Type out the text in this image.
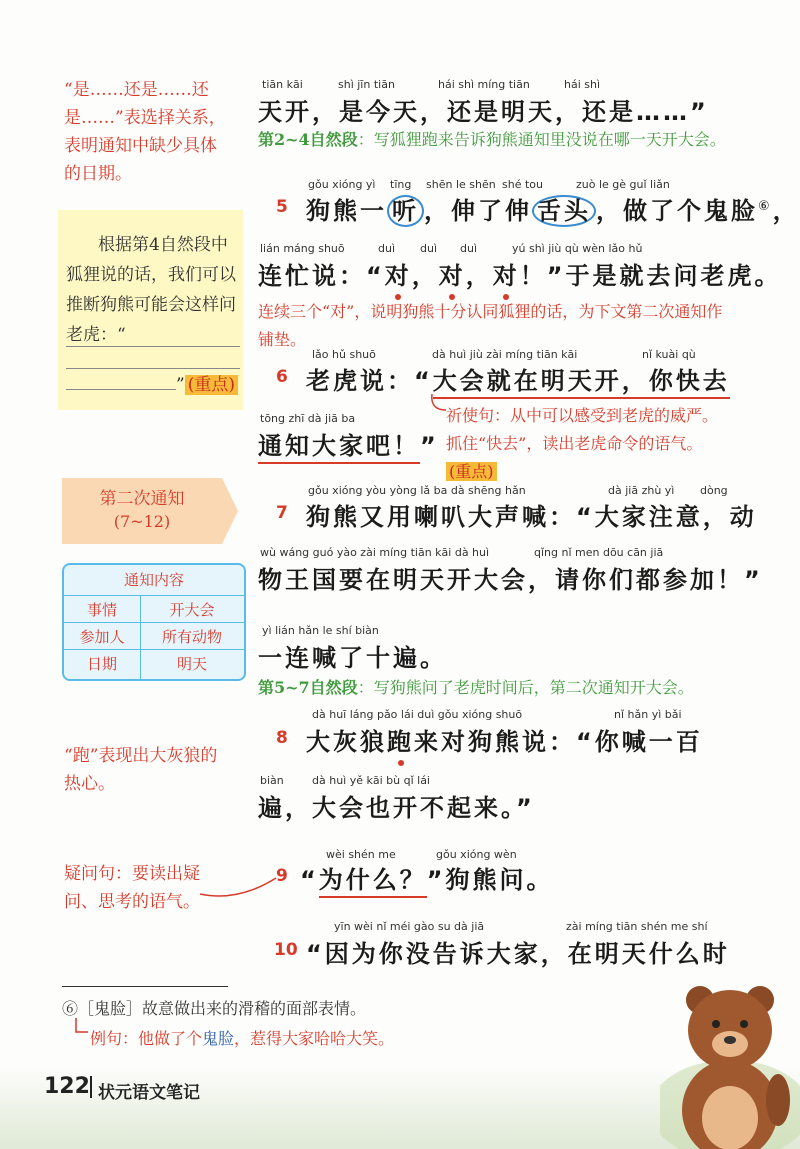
“是……还是……还是……”表选择关系，表明通知中缺少具体的日期。
根据第4自然段中狐狸说的话，我们可以推断狗熊可能会这样问老虎：“
” (重点)
第二次通知
(7~12)
通知内容
事情	开大会
参加人	所有动物
日期	明天
“跑”表现出大灰狼的热心。
疑问句：要读出疑问、思考的语气。
tiān kāi	shì jīn tiān	hái shì míng tiān	hái shì
天开，是今天，还是明天，还是……”
第2~4自然段：写狐狸跑来告诉狗熊通知里没说在哪一天开大会。
gǒu xióng yì tīng shēn le shēn shé tou	zuò le gè guǐ liǎn
5 狗熊一 听 ，伸了伸 舌头 ，做了个鬼脸⑥，
lián máng shuō	duì duì duì	yú shì jiù qù wèn lǎo hǔ
连忙说：“对，对，对！”于是就去问老虎。
连续三个“对”，说明狗熊十分认同狐狸的话，为下文第二次通知作铺垫。
lǎo hǔ shuō	dà huì jiù zài míng tiān kāi	nǐ kuài qù
6 老虎说：“大会就在明天开，你快去
tōng zhī dà jiā ba
通知大家吧！”
祈使句：从中可以感受到老虎的威严。抓住“快去”，读出老虎命令的语气。(重点)
gǒu xióng yòu yòng lǎ ba dà shēng hǎn	dà jiā zhù yì dòng
7 狗熊又用喇叭大声喊：“大家注意，动
wù wáng guó yào zài míng tiān kāi dà huì	qǐng nǐ men dōu cān jiā
物王国要在明天开大会，请你们都参加！”
yì lián hǎn le shí biàn
一连喊了十遍。
第5~7自然段：写狗熊问了老虎时间后，第二次通知开大会。
dà huī láng pǎo lái duì gǒu xióng shuō	nǐ hǎn yì bǎi
8 大灰狼跑来对狗熊说：“你喊一百
biàn	dà huì yě kāi bù qǐ lái
遍，大会也开不起来。”
wèi shén me	gǒu xióng wèn
9 “为什么？”狗熊问。
yīn wèi nǐ méi gào su dà jiā	zài míng tiān shén me shí
10 “因为你没告诉大家，在明天什么时
⑥［鬼脸］故意做出来的滑稽的面部表情。
例句：他做了个鬼脸，惹得大家哈哈大笑。
122 状元语文笔记
